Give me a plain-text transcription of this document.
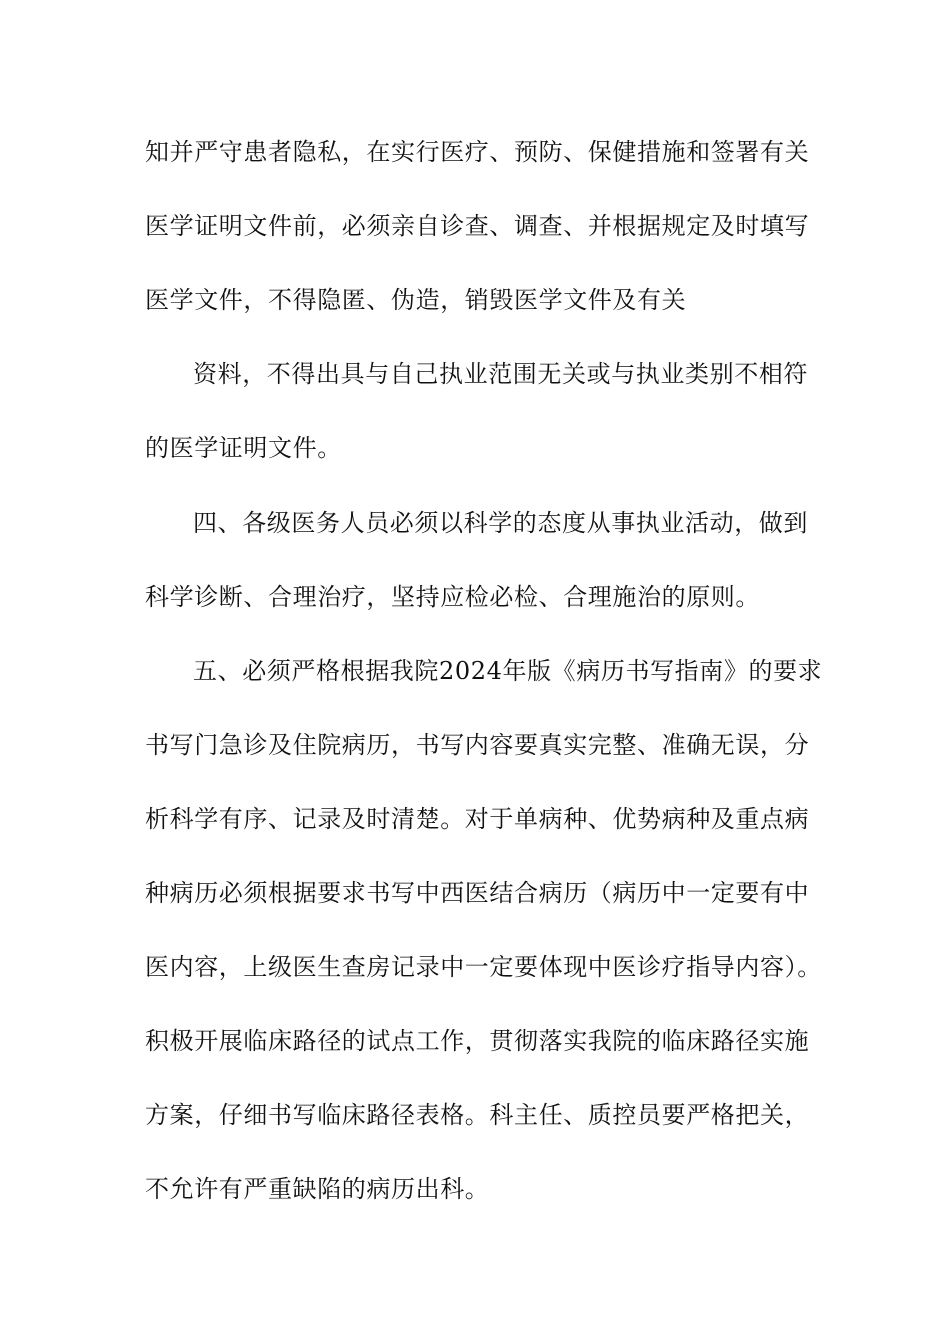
知并严守患者隐私，在实行医疗、预防、保健措施和签署有关
医学证明文件前，必须亲自诊查、调查、并根据规定及时填写
医学文件，不得隐匿、伪造，销毁医学文件及有关
资料，不得出具与自己执业范围无关或与执业类别不相符
的医学证明文件。
四、各级医务人员必须以科学的态度从事执业活动，做到
科学诊断、合理治疗，坚持应检必检、合理施治的原则。
五、必须严格根据我院2024年版《病历书写指南》的要求
书写门急诊及住院病历，书写内容要真实完整、准确无误，分
析科学有序、记录及时清楚。对于单病种、优势病种及重点病
种病历必须根据要求书写中西医结合病历（病历中一定要有中
医内容，上级医生查房记录中一定要体现中医诊疗指导内容）。
积极开展临床路径的试点工作，贯彻落实我院的临床路径实施
方案，仔细书写临床路径表格。科主任、质控员要严格把关，
不允许有严重缺陷的病历出科。
